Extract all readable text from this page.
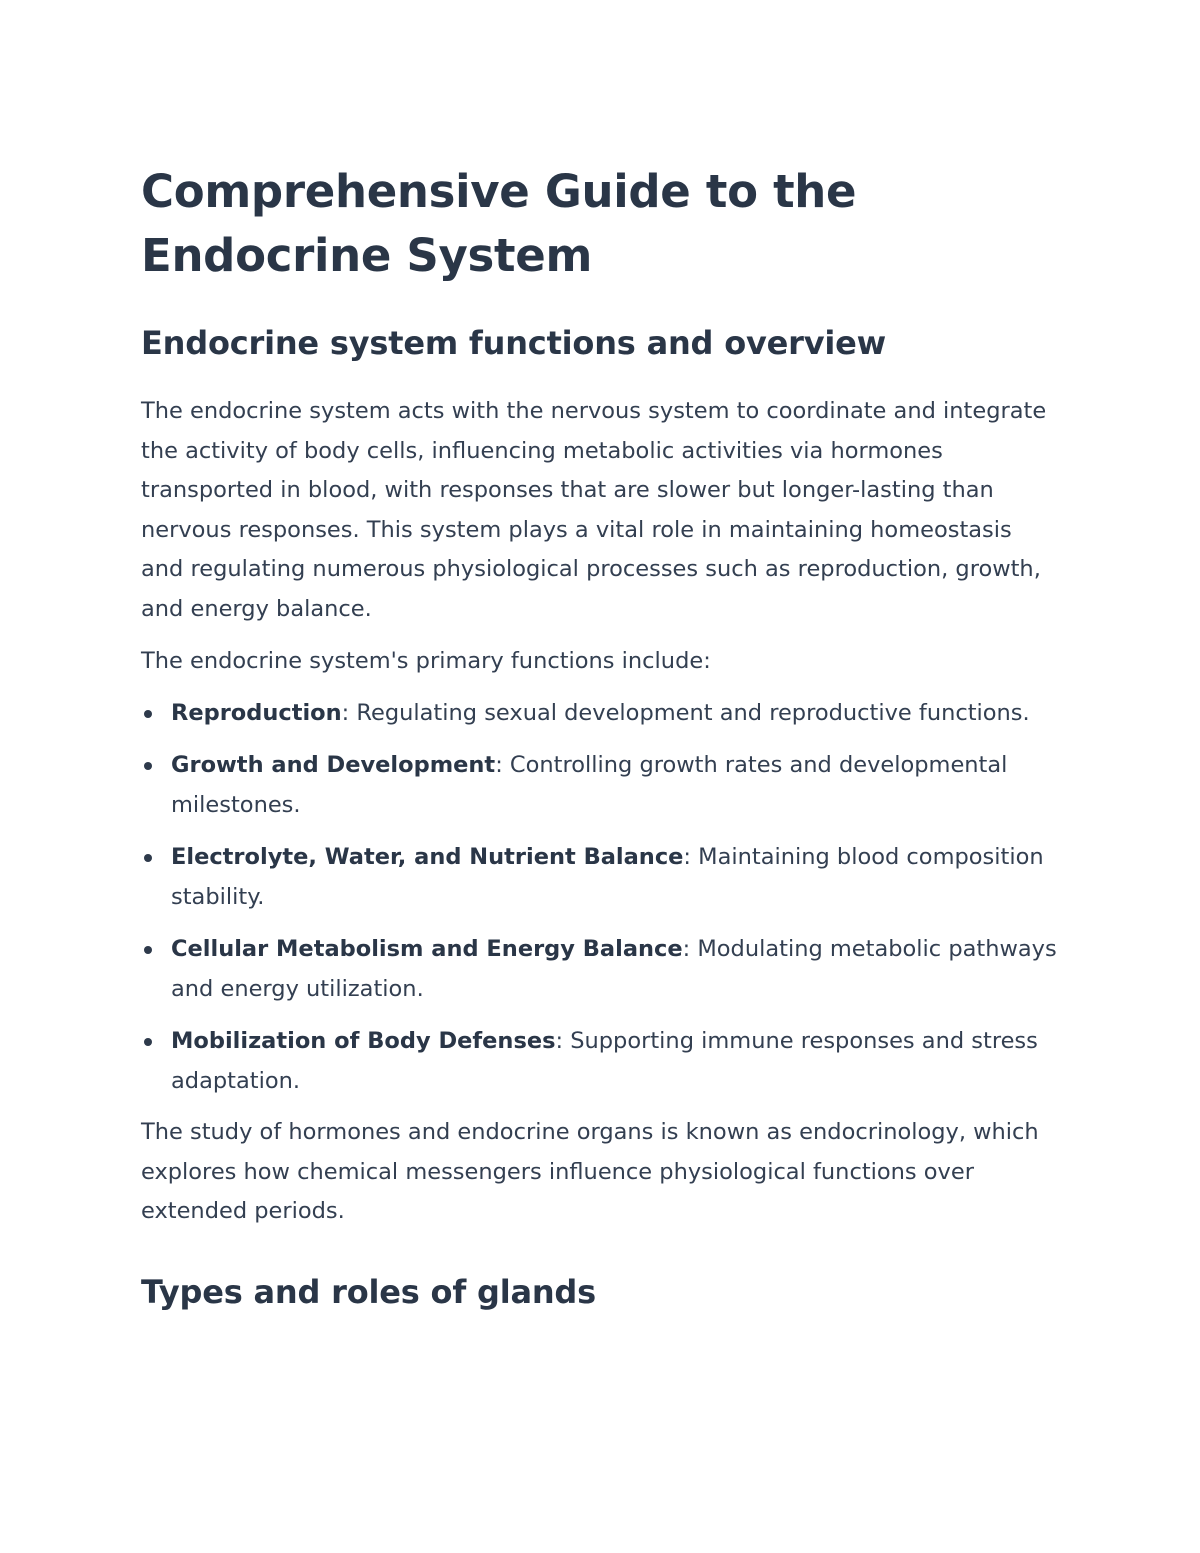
Comprehensive Guide to the Endocrine System
Endocrine system functions and overview

The endocrine system acts with the nervous system to coordinate and integrate the activity of body cells, influencing metabolic activities via hormones transported in blood, with responses that are slower but longer-lasting than nervous responses. This system plays a vital role in maintaining homeostasis and regulating numerous physiological processes such as reproduction, growth, and energy balance.

The endocrine system's primary functions include:

Reproduction: Regulating sexual development and reproductive functions.
Growth and Development: Controlling growth rates and developmental milestones.
Electrolyte, Water, and Nutrient Balance: Maintaining blood composition stability.
Cellular Metabolism and Energy Balance: Modulating metabolic pathways and energy utilization.
Mobilization of Body Defenses: Supporting immune responses and stress adaptation.

The study of hormones and endocrine organs is known as endocrinology, which explores how chemical messengers influence physiological functions over extended periods.

Types and roles of glands
